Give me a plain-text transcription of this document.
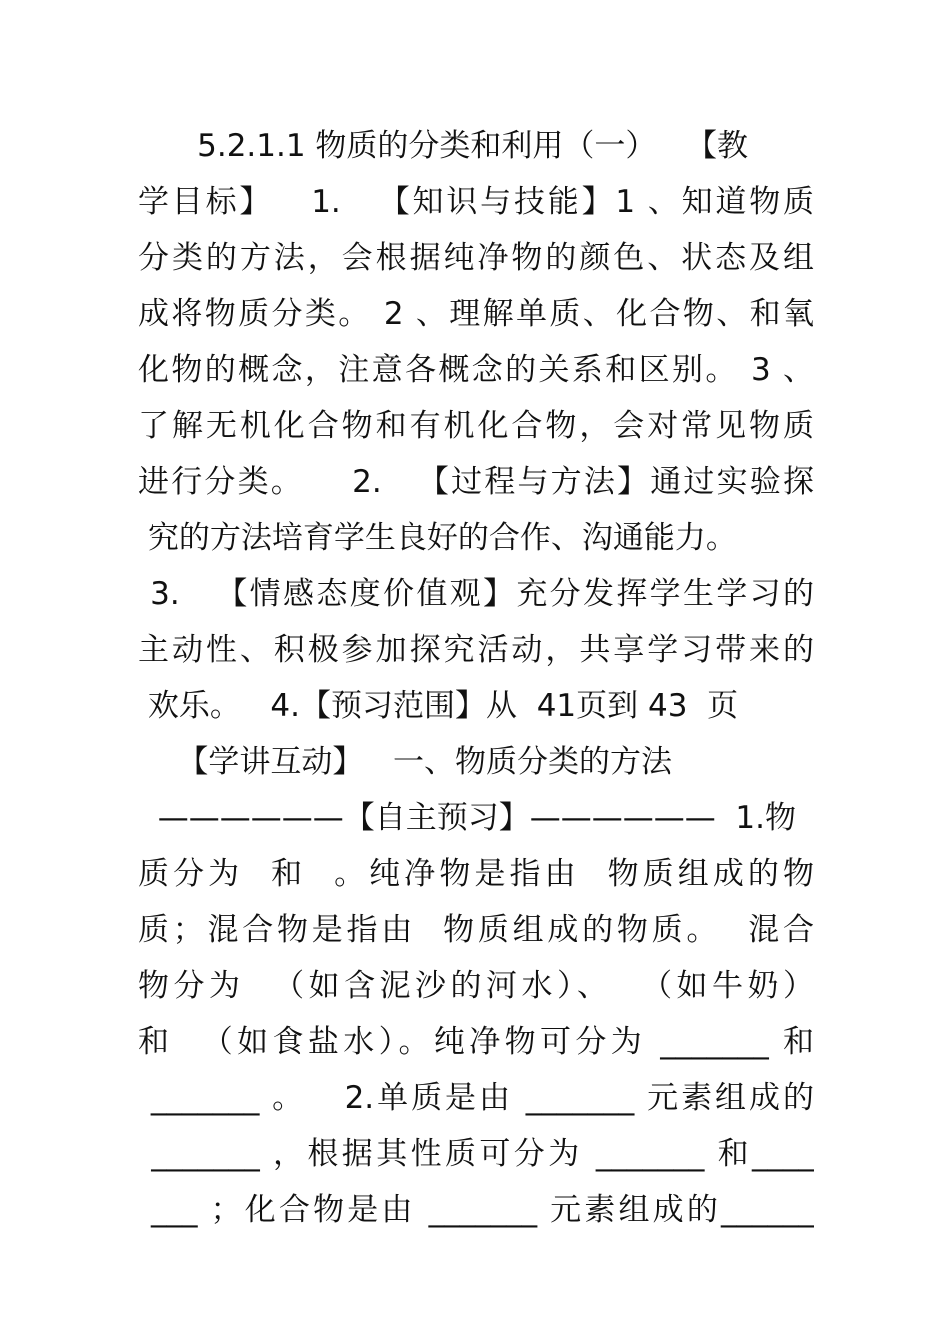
5.2.1.1 物质的分类和利用（一）   【教
学目标】   1.   【知识与技能】1 、知道物质
分类的方法，会根据纯净物的颜色、状态及组
成将物质分类。 2 、理解单质、化合物、和氧
化物的概念，注意各概念的关系和区别。 3 、
了解无机化合物和有机化合物，会对常见物质
进行分类。    2.   【过程与方法】通过实验探
究的方法培育学生良好的合作、沟通能力。
3.   【情感态度价值观】充分发挥学生学习的
主动性、积极参加探究活动，共享学习带来的
欢乐。   4.【预习范围】从  41页到 43  页
【学讲互动】   一、物质分类的方法
——————【自主预习】——————  1.物
质分为  和  。纯净物是指由  物质组成的物
质；混合物是指由  物质组成的物质。  混合
物分为  （如含泥沙的河水）、  （如牛奶）
和  （如食盐水）。纯净物可分为 _______ 和
_______ 。   2.单质是由 _______ 元素组成的
_______ ，根据其性质可分为 _______ 和____
___ ；化合物是由 _______ 元素组成的______
